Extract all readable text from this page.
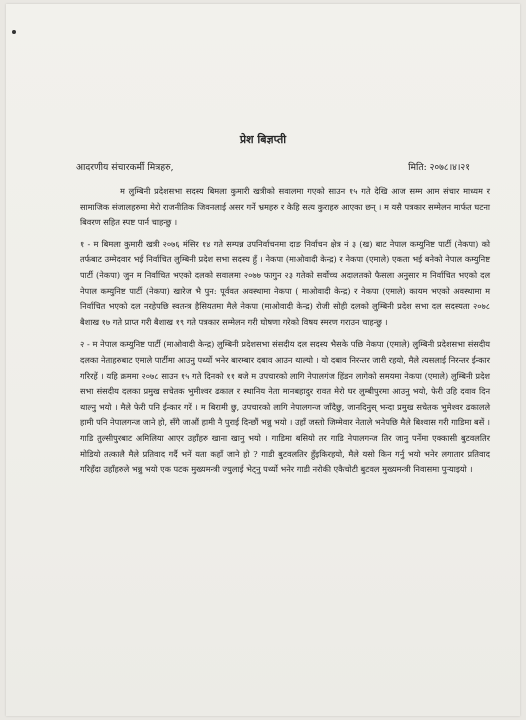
प्रेश बिज्ञप्ती
आदरणीय संचारकर्मी मित्रहरु,	मिति: २०७८।४।२१

म लुम्बिनी प्रदेशसभा सदस्य बिमला कुमारी खत्रीको सवालमा गएको साउन १५ गते देखि आज सम्म आम संचार माध्यम र सामाजिक संजालहरुमा मेरो राजनीतिक जिवनलाई असर गर्ने भ्रमहरु र केहि सत्य कुराहरु आएका छन् । म यसै पत्रकार सम्मेलन मार्फत घटना बिवरण सहित स्पष्ट पार्न चाहन्छु ।

१ - म बिमला कुमारी खत्री २०७६ मंसिर १४ गते सम्पन्न उपनिर्वाचनमा दाङ निर्वाचन क्षेत्र नं ३ (ख) बाट नेपाल कम्युनिष्ट पार्टी (नेकपा) को तर्फबाट उम्मेदवार भई निर्वाचित लुम्बिनी प्रदेश सभा सदस्य हुँ । नेकपा (माओवादी केन्द्र) र नेकपा (एमाले) एकता भई बनेको नेपाल कम्युनिष्ट पार्टी (नेकपा) जुन म निर्वाचित भएको दलको सवालमा २०७७ फागुन २३ गतेको सर्वोच्च अदालतको फैसला अनुसार म निर्वाचित भएको दल नेपाल कम्युनिष्ट पार्टी (नेकपा) खारेज भै पुन: पूर्ववत अवस्थामा नेकपा ( माओवादी केन्द्र) र नेकपा (एमाले) कायम भएको अवस्थामा म निर्वाचित भएको दल नरहेपछि स्वतन्त्र हैसियतमा मैले नेकपा (माओवादी केन्द्र) रोजी सोही दलको लुम्बिनी प्रदेश सभा दल सदस्यता २०७८ बैशाख १७ गते प्राप्त गरी बैशाख १९ गते पत्रकार सम्मेलन गरी घोषणा गरेको विषय स्मरण गराउन चाहन्छु ।

२ - म नेपाल कम्युनिष्ट पार्टी (माओवादी केन्द्र) लुम्बिनी प्रदेशसभा संसदीय दल सदस्य भैसके पछि नेकपा (एमाले) लुम्बिनी प्रदेशसभा संसदीय दलका नेताहरुबाट एमाले पार्टीमा आउनु पर्थ्यो भनेर बारम्बार दबाव आउन थाल्यो । यो दबाव निरन्तर जारी रहयो, मैले त्यसलाई निरन्तर ईन्कार गरिरहें । यहि क्रममा २०७८ साउन १५ गते दिनको ११ बजे म उपचारको लागि नेपालगंज हिंडन लागेको समयमा नेकपा (एमाले) लुम्बिनी प्रदेश सभा संसदीय दलका प्रमुख सचेतक भुमीश्वर ढकाल र स्थानिय नेता मानबहादुर रावत मेरो घर लुम्बीपुरमा आउनु भयो, फेरी उहि दवाव दिन थाल्नु भयो । मैले फेरी पनि ईन्कार गरें । म बिरामी छु, उपचारको लागि नेपालगन्ज जाँदैछु, जानदिनुस् भन्दा प्रमुख सचेतक भुमेश्वर ढकालले हामी पनि नेपालगन्ज जाने हो, सँगै जाऔं हामी नै पुराई दिन्छौं भन्नु भयो । उहाँ जस्तो जिम्मेवार नेताले भनेपछि मैले बिश्वास गरी गाडिमा बसें । गाडि तुल्सीपुरबाट अमिलिया आएर उहाँहरु खाना खानु भयो । गाडिमा बसियो तर गाडि नेपालगन्ज तिर जानु पर्नेमा एक्कासी बुटवलतिर मोडियो तत्कालै मैले प्रतिवाद गर्दै भनें यता कहाँ जाने हो ? गाडी बुटवलतिर हुँइकिरहयो, मैले यसो किन गर्नु भयो भनेर लगातार प्रतिवाद गरिहँदा उहाँहरुले भन्नु भयो एक पटक मुख्यमन्त्री ज्युलाई भेट्नु पर्थ्यो भनेर गाडी नरोकी एकैचोटी बुटवल मुख्यमन्त्री निवासमा पुर्‍याइयो ।
